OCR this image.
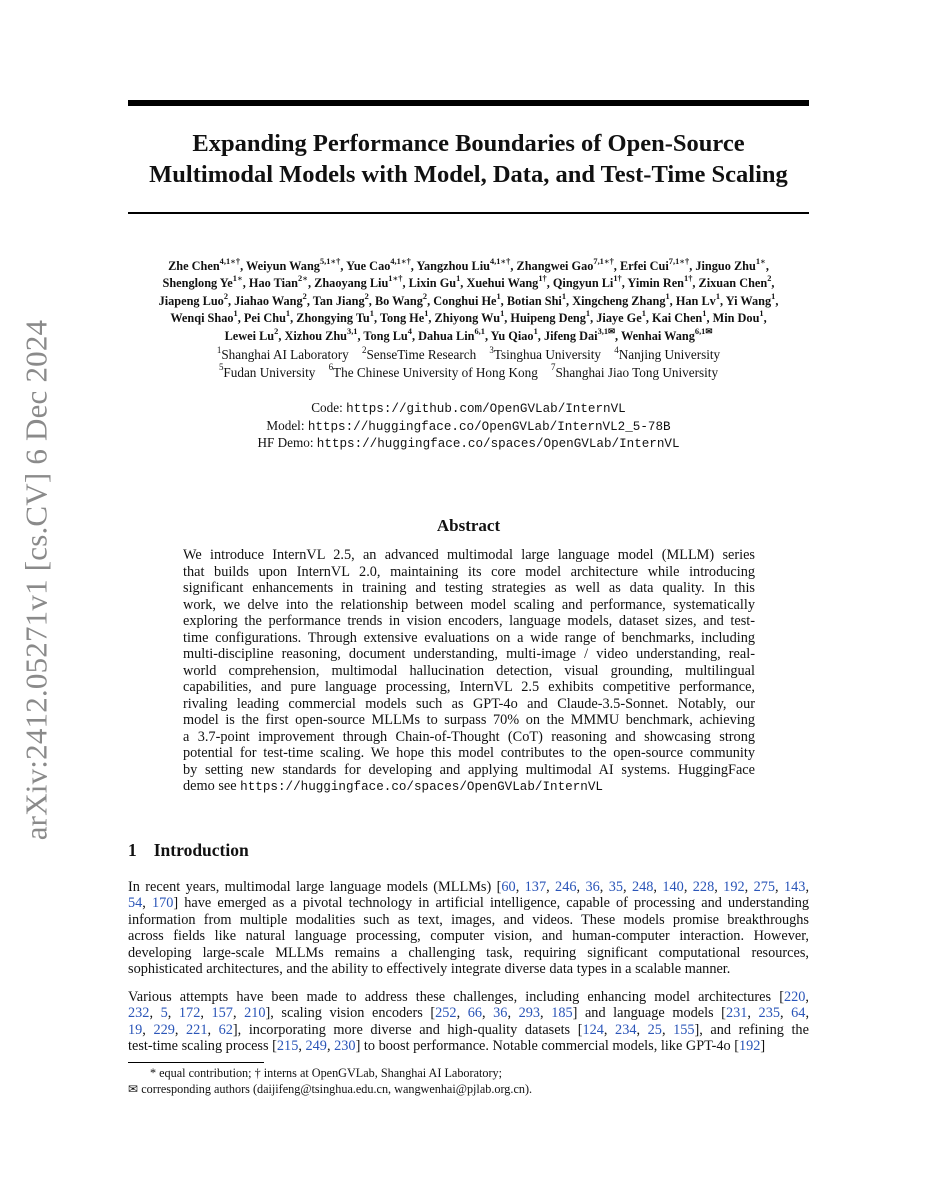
arXiv:2412.05271v1 [cs.CV] 6 Dec 2024
Expanding Performance Boundaries of Open-Source
Multimodal Models with Model, Data, and Test-Time Scaling
Zhe Chen$^{4,1∗\dagger}$, Weiyun Wang$^{5,1∗\dagger}$, Yue Cao$^{4,1∗\dagger}$, Yangzhou Liu$^{4,1∗\dagger}$, Zhangwei Gao$^{7,1∗\dagger}$, Erfei Cui$^{7,1∗\dagger}$, Jinguo Zhu$^{1∗}$,
Shenglong $Ye^{1∗}$, Hao Tian$^{2∗}$, Zhaoyang Liu$^{1∗\dagger}$, Lixin Gu$^1$, Xuehui Wang$^{1\dagger}$, Qingyun $Li^{1\dagger}$, Yimin Ren$^{1\dagger}$, Zixuan Chen$^2$,
Jiapeng Luo$^2$, Jiahao Wang$^2$, Tan Jiang$^2$, Bo Wang$^2$, Conghui He$^1$, Botian Shi$^1$, Xingcheng Zhang$^1$, Han Lv$^1$, Yi Wang$^1$,
Wenqi Shao$^1$, Pei Chu$^1$, Zhongying Tu$^1$, Tong He$^1$, Zhiyong Wu$^1$, Huipeng Deng$^1$, Jiaye Ge$^1$, Kai Chen$^1$, Min Dou$^1$,
Lewei Lu$^2$, Xizhou Zhu$^{3,1}$, Tong Lu$^4$, Dahua Lin$^{6,1}$, Yu Qiao$^1$, Jifeng Dai$^{3,1✉}$, Wenhai Wang$^{6,1✉}$
$^1$Shanghai AI Laboratory  $^2$SenseTime Research  $^3$Tsinghua University  $^4$Nanjing University
$^5$Fudan University  $^6$The Chinese University of Hong Kong  $^7$Shanghai Jiao Tong University
Code: https://github.com/OpenGVLab/InternVL
Model: https://huggingface.co/OpenGVLab/InternVL2_5-78B
HF Demo: https://huggingface.co/spaces/OpenGVLab/InternVL
Abstract
We introduce InternVL 2.5, an advanced multimodal large language model (MLLM) series
that builds upon InternVL 2.0, maintaining its core model architecture while introducing
significant enhancements in training and testing strategies as well as data quality. In this
work, we delve into the relationship between model scaling and performance, systematically
exploring the performance trends in vision encoders, language models, dataset sizes, and test-
time configurations. Through extensive evaluations on a wide range of benchmarks, including
multi-discipline reasoning, document understanding, multi-image / video understanding, real-
world comprehension, multimodal hallucination detection, visual grounding, multilingual
capabilities, and pure language processing, InternVL 2.5 exhibits competitive performance,
rivaling leading commercial models such as GPT-4o and Claude-3.5-Sonnet. Notably, our
model is the first open-source MLLMs to surpass 70% on the MMMU benchmark, achieving
a 3.7-point improvement through Chain-of-Thought (CoT) reasoning and showcasing strong
potential for test-time scaling. We hope this model contributes to the open-source community
by setting new standards for developing and applying multimodal AI systems. HuggingFace
demo see https://huggingface.co/spaces/OpenGVLab/InternVL
1 Introduction
In recent years, multimodal large language models (MLLMs) [60, 137, 246, 36, 35, 248, 140, 228, 192, 275, 143,
54, 170] have emerged as a pivotal technology in artificial intelligence, capable of processing and understanding
information from multiple modalities such as text, images, and videos. These models promise breakthroughs
across fields like natural language processing, computer vision, and human-computer interaction. However,
developing large-scale MLLMs remains a challenging task, requiring significant computational resources,
sophisticated architectures, and the ability to effectively integrate diverse data types in a scalable manner.
Various attempts have been made to address these challenges, including enhancing model architectures [220,
232, 5, 172, 157, 210], scaling vision encoders [252, 66, 36, 293, 185] and language models [231, 235, 64,
19, 229, 221, 62], incorporating more diverse and high-quality datasets [124, 234, 25, 155], and refining the
test-time scaling process [215, 249, 230] to boost performance. Notable commercial models, like GPT-4o [192]
* equal contribution; † interns at OpenGVLab, Shanghai AI Laboratory;
✉ corresponding authors (daijifeng@tsinghua.edu.cn, wangwenhai@pjlab.org.cn).
